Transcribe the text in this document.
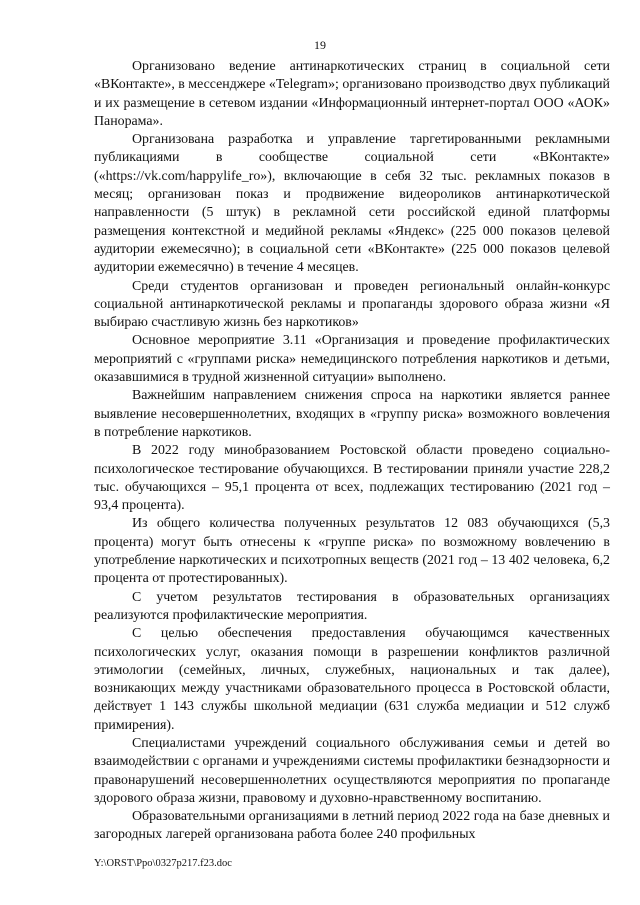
19

Организовано ведение антинаркотических страниц в социальной сети «ВКонтакте», в мессенджере «Telegram»; организовано производство двух публикаций и их размещение в сетевом издании «Информационный интернет-портал ООО «АОК» Панорама».

Организована разработка и управление таргетированными рекламными публикациями в сообществе социальной сети «ВКонтакте» («https://vk.com/happylife_ro»), включающие в себя 32 тыс. рекламных показов в месяц; организован показ и продвижение видеороликов антинаркотической направленности (5 штук) в рекламной сети российской единой платформы размещения контекстной и медийной рекламы «Яндекс» (225 000 показов целевой аудитории ежемесячно); в социальной сети «ВКонтакте» (225 000 показов целевой аудитории ежемесячно) в течение 4 месяцев.

Среди студентов организован и проведен региональный онлайн-конкурс социальной антинаркотической рекламы и пропаганды здорового образа жизни «Я выбираю счастливую жизнь без наркотиков»

Основное мероприятие 3.11 «Организация и проведение профилактических мероприятий с «группами риска» немедицинского потребления наркотиков и детьми, оказавшимися в трудной жизненной ситуации» выполнено.

Важнейшим направлением снижения спроса на наркотики является раннее выявление несовершеннолетних, входящих в «группу риска» возможного вовлечения в потребление наркотиков.

В 2022 году минобразованием Ростовской области проведено социально-психологическое тестирование обучающихся. В тестировании приняли участие 228,2 тыс. обучающихся – 95,1 процента от всех, подлежащих тестированию (2021 год – 93,4 процента).

Из общего количества полученных результатов 12 083 обучающихся (5,3 процента) могут быть отнесены к «группе риска» по возможному вовлечению в употребление наркотических и психотропных веществ (2021 год – 13 402 человека, 6,2 процента от протестированных).

С учетом результатов тестирования в образовательных организациях реализуются профилактические мероприятия.

С целью обеспечения предоставления обучающимся качественных психологических услуг, оказания помощи в разрешении конфликтов различной этимологии (семейных, личных, служебных, национальных и так далее), возникающих между участниками образовательного процесса в Ростовской области, действует 1 143 службы школьной медиации (631 служба медиации и 512 служб примирения).

Специалистами учреждений социального обслуживания семьи и детей во взаимодействии с органами и учреждениями системы профилактики безнадзорности и правонарушений несовершеннолетних осуществляются мероприятия по пропаганде здорового образа жизни, правовому и духовно-нравственному воспитанию.

Образовательными организациями в летний период 2022 года на базе дневных и загородных лагерей организована работа более 240 профильных

Y:\ORST\Ppo\0327p217.f23.doc
